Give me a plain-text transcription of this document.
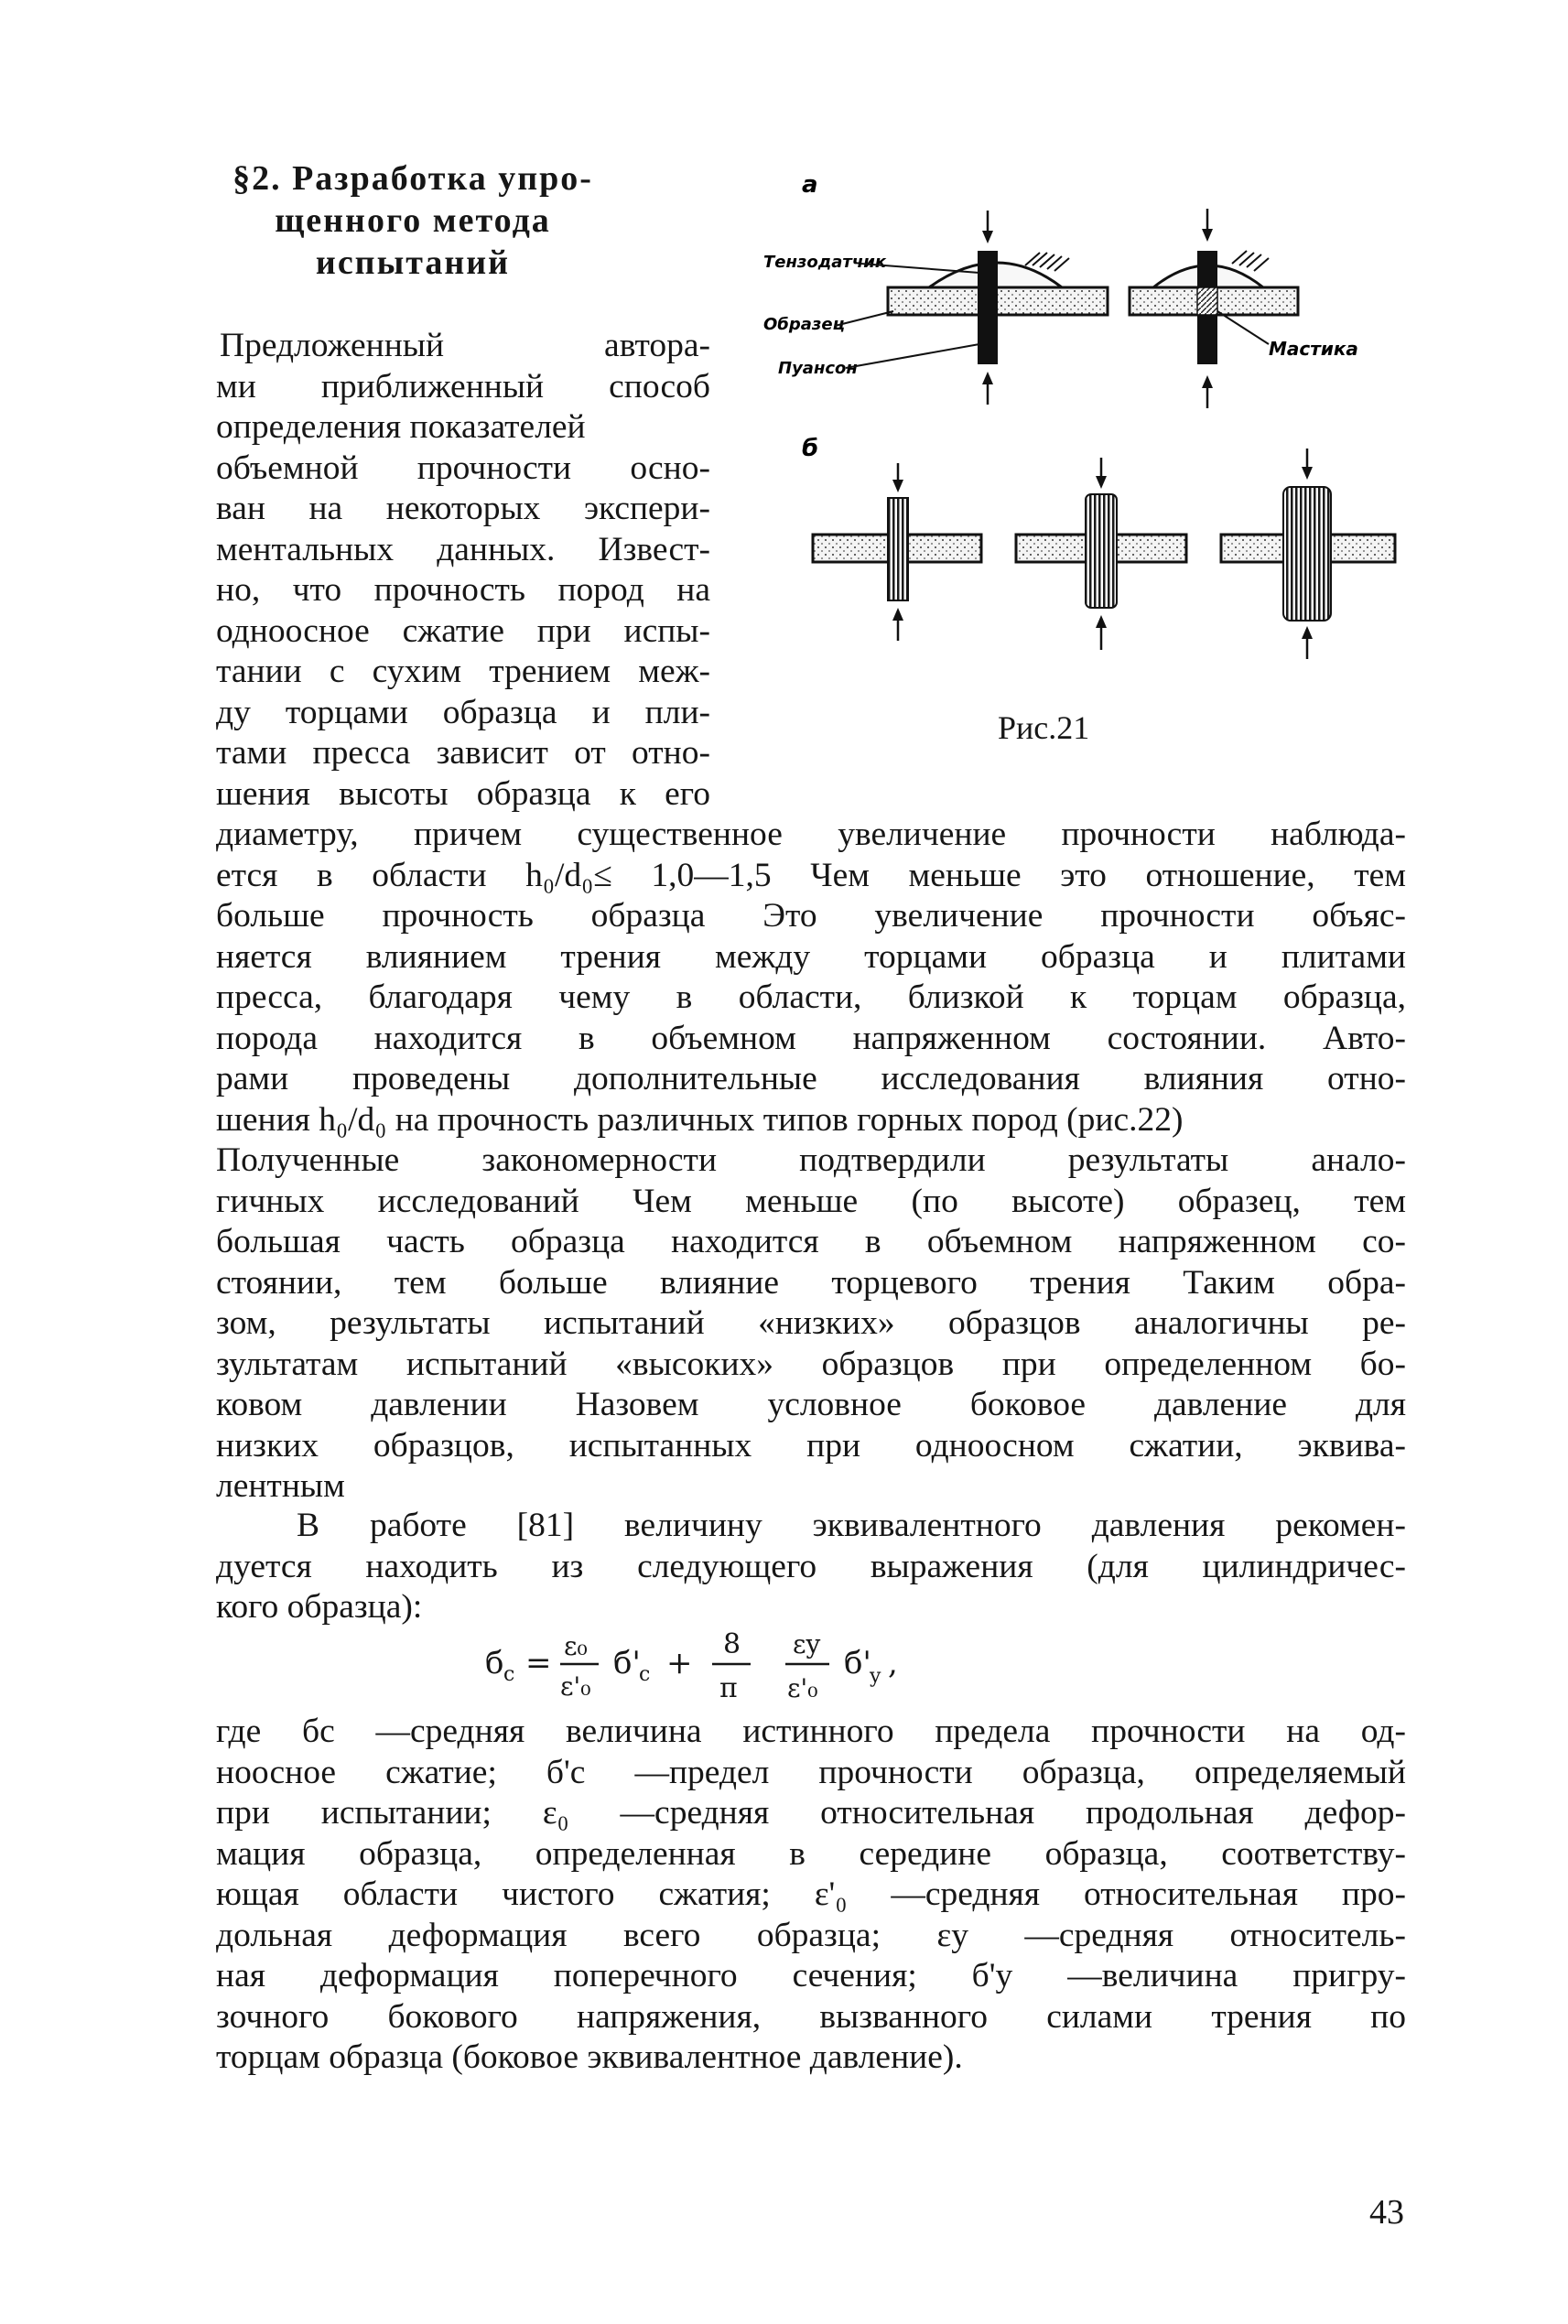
§2. Разработка упро-
щенного метода
испытаний
Предложенный автора-
ми приближенный способ
определения показателей
объемной прочности осно-
ван на некоторых экспери-
ментальных данных. Извест-
но, что прочность пород на
одноосное сжатие при испы-
тании с сухим трением меж-
ду торцами образца и пли-
тами пресса зависит от отно-
шения высоты образца к его
диаметру, причем существенное увеличение прочности наблюда-
ется в области h₀/d₀≤ 1,0—1,5 Чем меньше это отношение, тем
больше прочность образца Это увеличение прочности объяс-
няется влиянием трения между торцами образца и плитами
пресса, благодаря чему в области, близкой к торцам образца,
порода находится в объемном напряженном состоянии. Авто-
рами проведены дополнительные исследования влияния отно-
шения h₀/d₀ на прочность различных типов горных пород (рис.22)
Полученные закономерности подтвердили результаты анало-
гичных исследований Чем меньше (по высоте) образец, тем
большая часть образца находится в объемном напряженном со-
стоянии, тем больше влияние торцевого трения Таким обра-
зом, результаты испытаний «низких» образцов аналогичны ре-
зультатам испытаний «высоких» образцов при определенном бо-
ковом давлении Назовем условное боковое давление для
низких образцов, испытанных при одноосном сжатии, эквива-
лентным
В работе [81] величину эквивалентного давления рекомен-
дуется находить из следующего выражения (для цилиндричес-
кого образца):
б с = ε₀
ε'₀
б'
с +
8
π
εy
ε'₀
б'
y ,
где бс —средняя величина истинного предела прочности на од-
ноосное сжатие; б'с —предел прочности образца, определяемый
при испытании; ε₀ —средняя относительная продольная дефор-
мация образца, определенная в середине образца, соответству-
ющая области чистого сжатия; ε'₀ —средняя относительная про-
дольная деформация всего образца; εy —средняя относитель-
ная деформация поперечного сечения; б'y —величина пригру-
зочного бокового напряжения, вызванного силами трения по
торцам образца (боковое эквивалентное давление).
а
Тензодатчик
Образец
Пуансон
Мастика
б
Рис.21
43
